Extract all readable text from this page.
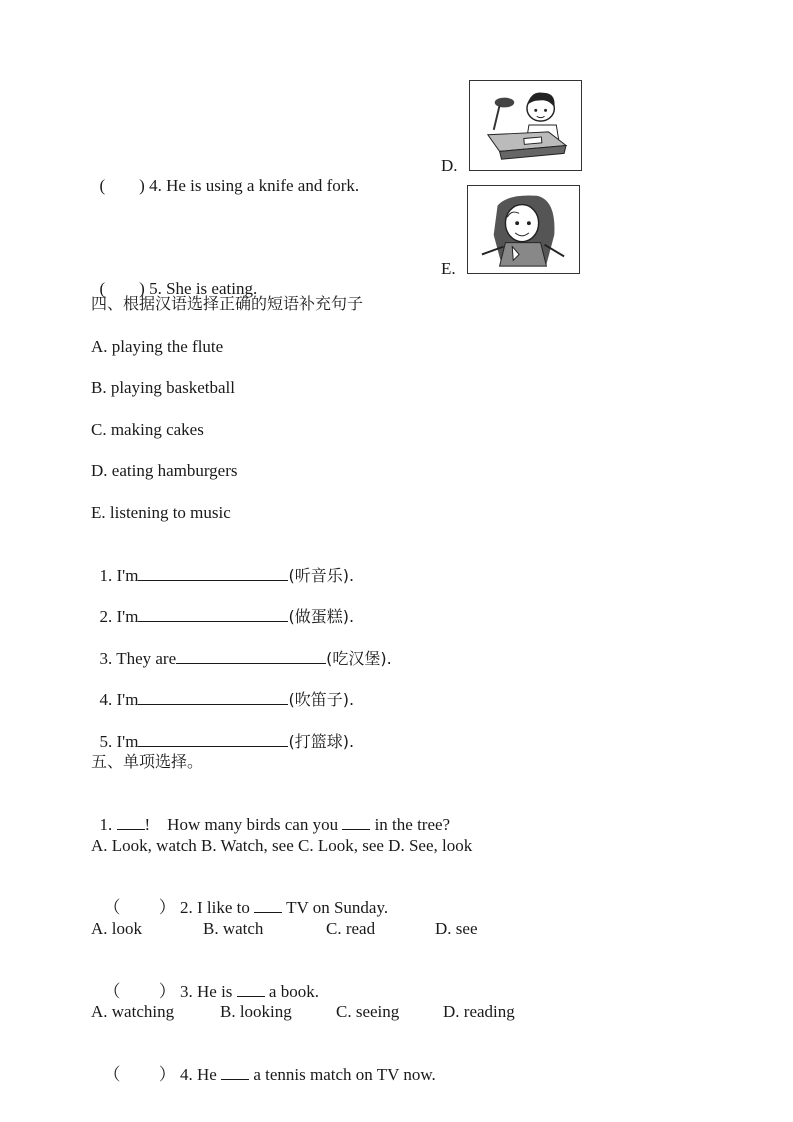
(        ) 4. He is using a knife and fork.

D.

(        ) 5. She is eating.

E.
四、根据汉语选择正确的短语补充句子
A. playing the flute
B. playing basketball
C. making cakes
D. eating hamburgers
E. listening to music

1. I'm	(听音乐).

2. I'm	(做蛋糕).

3. They are	(吃汉堡).

4. I'm	(吹笛子).

5. I'm	(打篮球).

五、单项选择。

1. !    How many birds can you in the tree?

A. Look, watch B. Watch, see C. Look, see D. See, look

（         ） 2. I like to TV on Sunday.

A. look	B. watch	C. read	D. see

（         ） 3. He is a book.

A. watching	B. looking	C. seeing	D. reading

（         ） 4. He a tennis match on TV now.
